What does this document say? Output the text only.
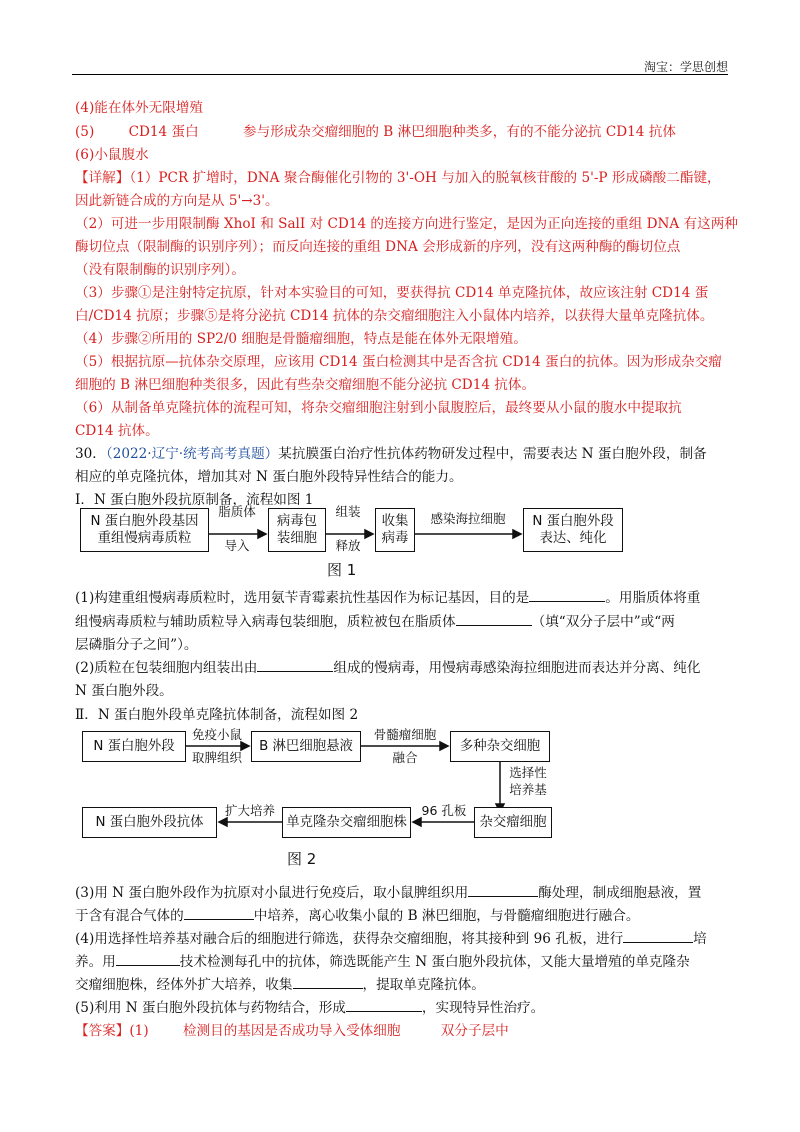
淘宝：学思创想
(4)能在体外无限增殖
(5)	CD14 蛋白	参与形成杂交瘤细胞的 B 淋巴细胞种类多，有的不能分泌抗 CD14 抗体
(6)小鼠腹水
【详解】（1）PCR 扩增时，DNA 聚合酶催化引物的 3'-OH 与加入的脱氧核苷酸的 5'-P 形成磷酸二酯键，
因此新链合成的方向是从 5'→3'。
（2）可进一步用限制酶 XhoI 和 SalI 对 CD14 的连接方向进行鉴定，是因为正向连接的重组 DNA 有这两种
酶切位点（限制酶的识别序列）；而反向连接的重组 DNA 会形成新的序列，没有这两种酶的酶切位点
（没有限制酶的识别序列）。
（3）步骤①是注射特定抗原，针对本实验目的可知，要获得抗 CD14 单克隆抗体，故应该注射 CD14 蛋
白/CD14 抗原；步骤⑤是将分泌抗 CD14 抗体的杂交瘤细胞注入小鼠体内培养，以获得大量单克隆抗体。
（4）步骤②所用的 SP2/0 细胞是骨髓瘤细胞，特点是能在体外无限增殖。
（5）根据抗原—抗体杂交原理，应该用 CD14 蛋白检测其中是否含抗 CD14 蛋白的抗体。因为形成杂交瘤
细胞的 B 淋巴细胞种类很多，因此有些杂交瘤细胞不能分泌抗 CD14 抗体。
（6）从制备单克隆抗体的流程可知，将杂交瘤细胞注射到小鼠腹腔后，最终要从小鼠的腹水中提取抗
CD14 抗体。
30．（2022·辽宁·统考高考真题）某抗膜蛋白治疗性抗体药物研发过程中，需要表达 N 蛋白胞外段，制备
相应的单克隆抗体，增加其对 N 蛋白胞外段特异性结合的能力。
Ⅰ．N 蛋白胞外段抗原制备，流程如图 1
N 蛋白胞外段基因
重组慢病毒质粒
脂质体
导入
病毒包
装细胞
组装
释放
收集
病毒
感染海拉细胞	N 蛋白胞外段
表达、纯化
图 1
(1)构建重组慢病毒质粒时，选用氨苄青霉素抗性基因作为标记基因，目的是	。用脂质体将重
组慢病毒质粒与辅助质粒导入病毒包装细胞，质粒被包在脂质体	（填“双分子层中”或“两
层磷脂分子之间”）。
(2)质粒在包装细胞内组装出由	组成的慢病毒，用慢病毒感染海拉细胞进而表达并分离、纯化
N 蛋白胞外段。
Ⅱ．N 蛋白胞外段单克隆抗体制备，流程如图 2
N 蛋白胞外段
免疫小鼠
取脾组织
B 淋巴细胞悬液
骨髓瘤细胞
融合
多种杂交细胞
选择性
培养基
杂交瘤细胞
96 孔板
单克隆杂交瘤细胞株
扩大培养
N 蛋白胞外段抗体
图 2
(3)用 N 蛋白胞外段作为抗原对小鼠进行免疫后，取小鼠脾组织用	酶处理，制成细胞悬液，置
于含有混合气体的	中培养，离心收集小鼠的 B 淋巴细胞，与骨髓瘤细胞进行融合。
(4)用选择性培养基对融合后的细胞进行筛选，获得杂交瘤细胞，将其接种到 96 孔板，进行	培
养。用	技术检测每孔中的抗体，筛选既能产生 N 蛋白胞外段抗体，又能大量增殖的单克隆杂
交瘤细胞株，经体外扩大培养，收集	，提取单克隆抗体。
(5)利用 N 蛋白胞外段抗体与药物结合，形成	，实现特异性治疗。
【答案】(1)	检测目的基因是否成功导入受体细胞	双分子层中
